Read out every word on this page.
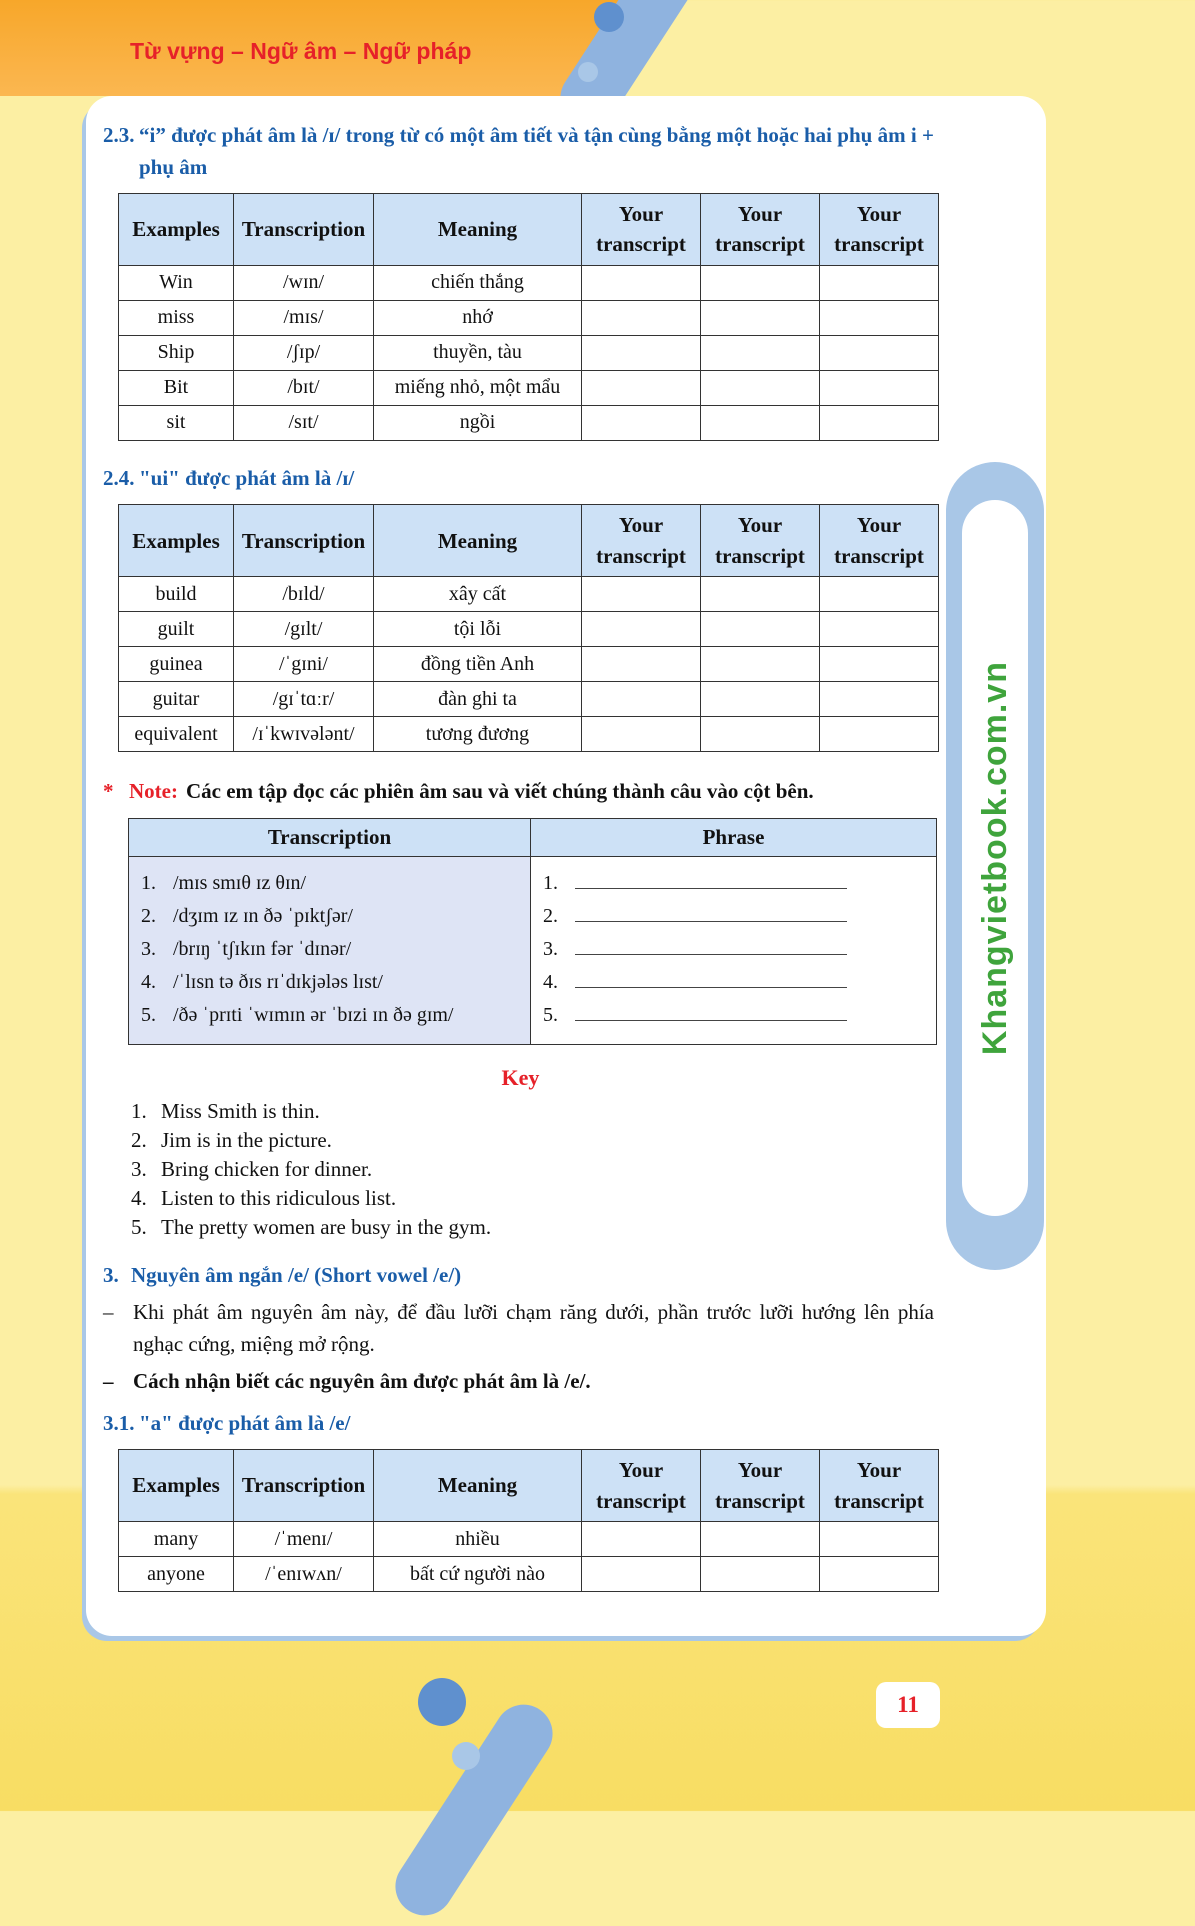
Từ vựng – Ngữ âm – Ngữ pháp
2.3. “i” được phát âm là /ɪ/ trong từ có một âm tiết và tận cùng bằng một hoặc hai phụ âm i + phụ âm
Examples	Transcription	Meaning	Your transcript	Your transcript	Your transcript
Win	/wɪn/	chiến thắng			
miss	/mɪs/	nhớ			
Ship	/ʃɪp/	thuyền, tàu			
Bit	/bɪt/	miếng nhỏ, một mẩu			
sit	/sɪt/	ngồi			
2.4. "ui" được phát âm là /ɪ/
Examples	Transcription	Meaning	Your transcript	Your transcript	Your transcript
build	/bɪld/	xây cất			
guilt	/gɪlt/	tội lỗi			
guinea	/ˈgɪni/	đồng tiền Anh			
guitar	/gɪˈtɑːr/	đàn ghi ta			
equivalent	/ɪˈkwɪvələnt/	tương đương			
* Note: Các em tập đọc các phiên âm sau và viết chúng thành câu vào cột bên.
Transcription	Phrase

1. /mɪs smɪθ ɪz θɪn/
2. /dʒɪm ɪz ɪn ðə ˈpɪktʃər/
3. /brɪŋ ˈtʃɪkɪn fər ˈdɪnər/
4. /ˈlɪsn tə ðɪs rɪˈdɪkjələs lɪst/
5. /ðə ˈprɪti ˈwɪmɪn ər ˈbɪzi ɪn ðə gɪm/

1.
2.
3.
4.
5.
Key
1. Miss Smith is thin.
2. Jim is in the picture.
3. Bring chicken for dinner.
4. Listen to this ridiculous list.
5. The pretty women are busy in the gym.
3. Nguyên âm ngắn /e/ (Short vowel /e/)
– Khi phát âm nguyên âm này, để đầu lưỡi chạm răng dưới, phần trước lưỡi hướng lên phía nghạc cứng, miệng mở rộng.
– Cách nhận biết các nguyên âm được phát âm là /e/.
3.1. "a" được phát âm là /e/
Examples	Transcription	Meaning	Your transcript	Your transcript	Your transcript
many	/ˈmenɪ/	nhiều			
anyone	/ˈenɪwʌn/	bất cứ người nào			
Khangvietbook.com.vn
11
